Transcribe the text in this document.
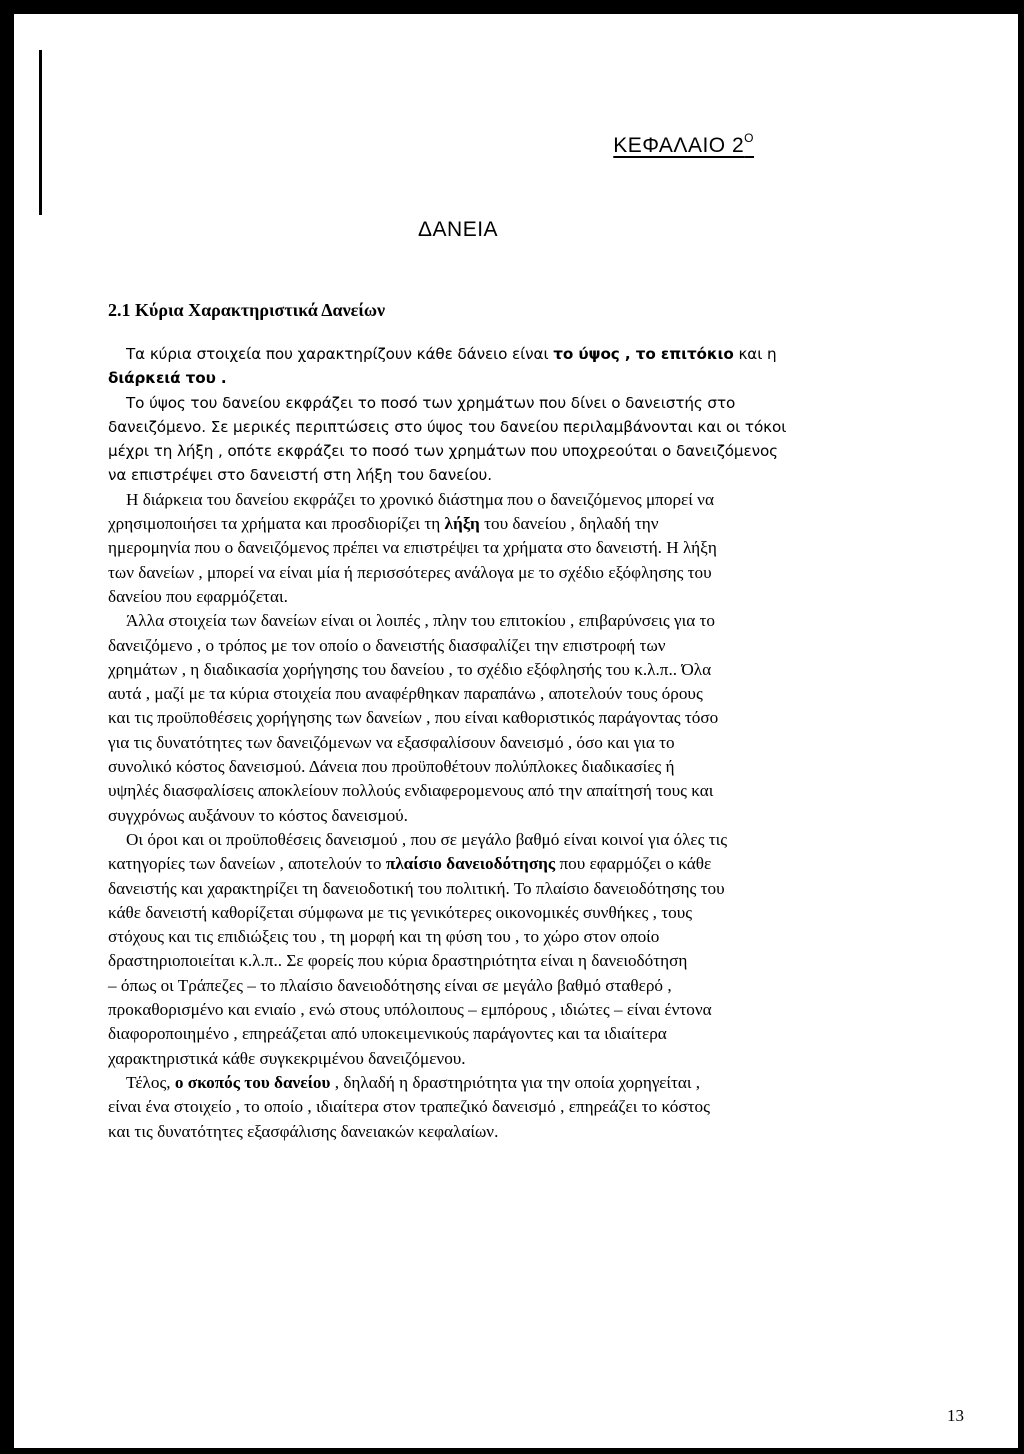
ΚΕΦΑΛΑΙΟ $2^O$
ΔΑΝΕΙΑ
2.1 Κύρια Χαρακτηριστικά Δανείων
Τα κύρια στοιχεία που χαρακτηρίζουν κάθε δάνειο είναι το ύψος , το επιτόκιο και η
διάρκειά του .
Το ύψος του δανείου εκφράζει το ποσό των χρημάτων που δίνει ο δανειστής στο
δανειζόμενο. Σε μερικές περιπτώσεις στο ύψος του δανείου περιλαμβάνονται και οι τόκοι
μέχρι τη λήξη , οπότε εκφράζει το ποσό των χρημάτων που υποχρεούται ο δανειζόμενος
να επιστρέψει στο δανειστή στη λήξη του δανείου.
Η διάρκεια του δανείου εκφράζει το χρονικό διάστημα που ο δανειζόμενος μπορεί να
χρησιμοποιήσει τα χρήματα και προσδιορίζει τη λήξη του δανείου , δηλαδή την
ημερομηνία που ο δανειζόμενος πρέπει να επιστρέψει τα χρήματα στο δανειστή. Η λήξη
των δανείων , μπορεί να είναι μία ή περισσότερες ανάλογα με το σχέδιο εξόφλησης του
δανείου που εφαρμόζεται.
Άλλα στοιχεία των δανείων είναι οι λοιπές , πλην του επιτοκίου , επιβαρύνσεις για το
δανειζόμενο , ο τρόπος με τον οποίο ο δανειστής διασφαλίζει την επιστροφή των
χρημάτων , η διαδικασία χορήγησης του δανείου , το σχέδιο εξόφλησής του κ.λ.π.. Όλα
αυτά , μαζί με τα κύρια στοιχεία που αναφέρθηκαν παραπάνω , αποτελούν τους όρους
και τις προϋποθέσεις χορήγησης των δανείων , που είναι καθοριστικός παράγοντας τόσο
για τις δυνατότητες των δανειζόμενων να εξασφαλίσουν δανεισμό , όσο και για το
συνολικό κόστος δανεισμού. Δάνεια που προϋποθέτουν πολύπλοκες διαδικασίες ή
υψηλές διασφαλίσεις αποκλείουν πολλούς ενδιαφερομενους από την απαίτησή τους και
συγχρόνως αυξάνουν το κόστος δανεισμού.
Οι όροι και οι προϋποθέσεις δανεισμού , που σε μεγάλο βαθμό είναι κοινοί για όλες τις
κατηγορίες των δανείων , αποτελούν το πλαίσιο δανειοδότησης που εφαρμόζει ο κάθε
δανειστής και χαρακτηρίζει τη δανειοδοτική του πολιτική. Το πλαίσιο δανειοδότησης του
κάθε δανειστή καθορίζεται σύμφωνα με τις γενικότερες οικονομικές συνθήκες , τους
στόχους και τις επιδιώξεις του , τη μορφή και τη φύση του , το χώρο στον οποίο
δραστηριοποιείται κ.λ.π.. Σε φορείς που κύρια δραστηριότητα είναι η δανειοδότηση
– όπως οι Τράπεζες – το πλαίσιο δανειοδότησης είναι σε μεγάλο βαθμό σταθερό ,
προκαθορισμένο και ενιαίο , ενώ στους υπόλοιπους – εμπόρους , ιδιώτες – είναι έντονα
διαφοροποιημένο , επηρεάζεται από υποκειμενικούς παράγοντες και τα ιδιαίτερα
χαρακτηριστικά κάθε συγκεκριμένου δανειζόμενου.
Τέλος, ο σκοπός του δανείου , δηλαδή η δραστηριότητα για την οποία χορηγείται ,
είναι ένα στοιχείο , το οποίο , ιδιαίτερα στον τραπεζικό δανεισμό , επηρεάζει το κόστος
και τις δυνατότητες εξασφάλισης δανειακών κεφαλαίων.
13
